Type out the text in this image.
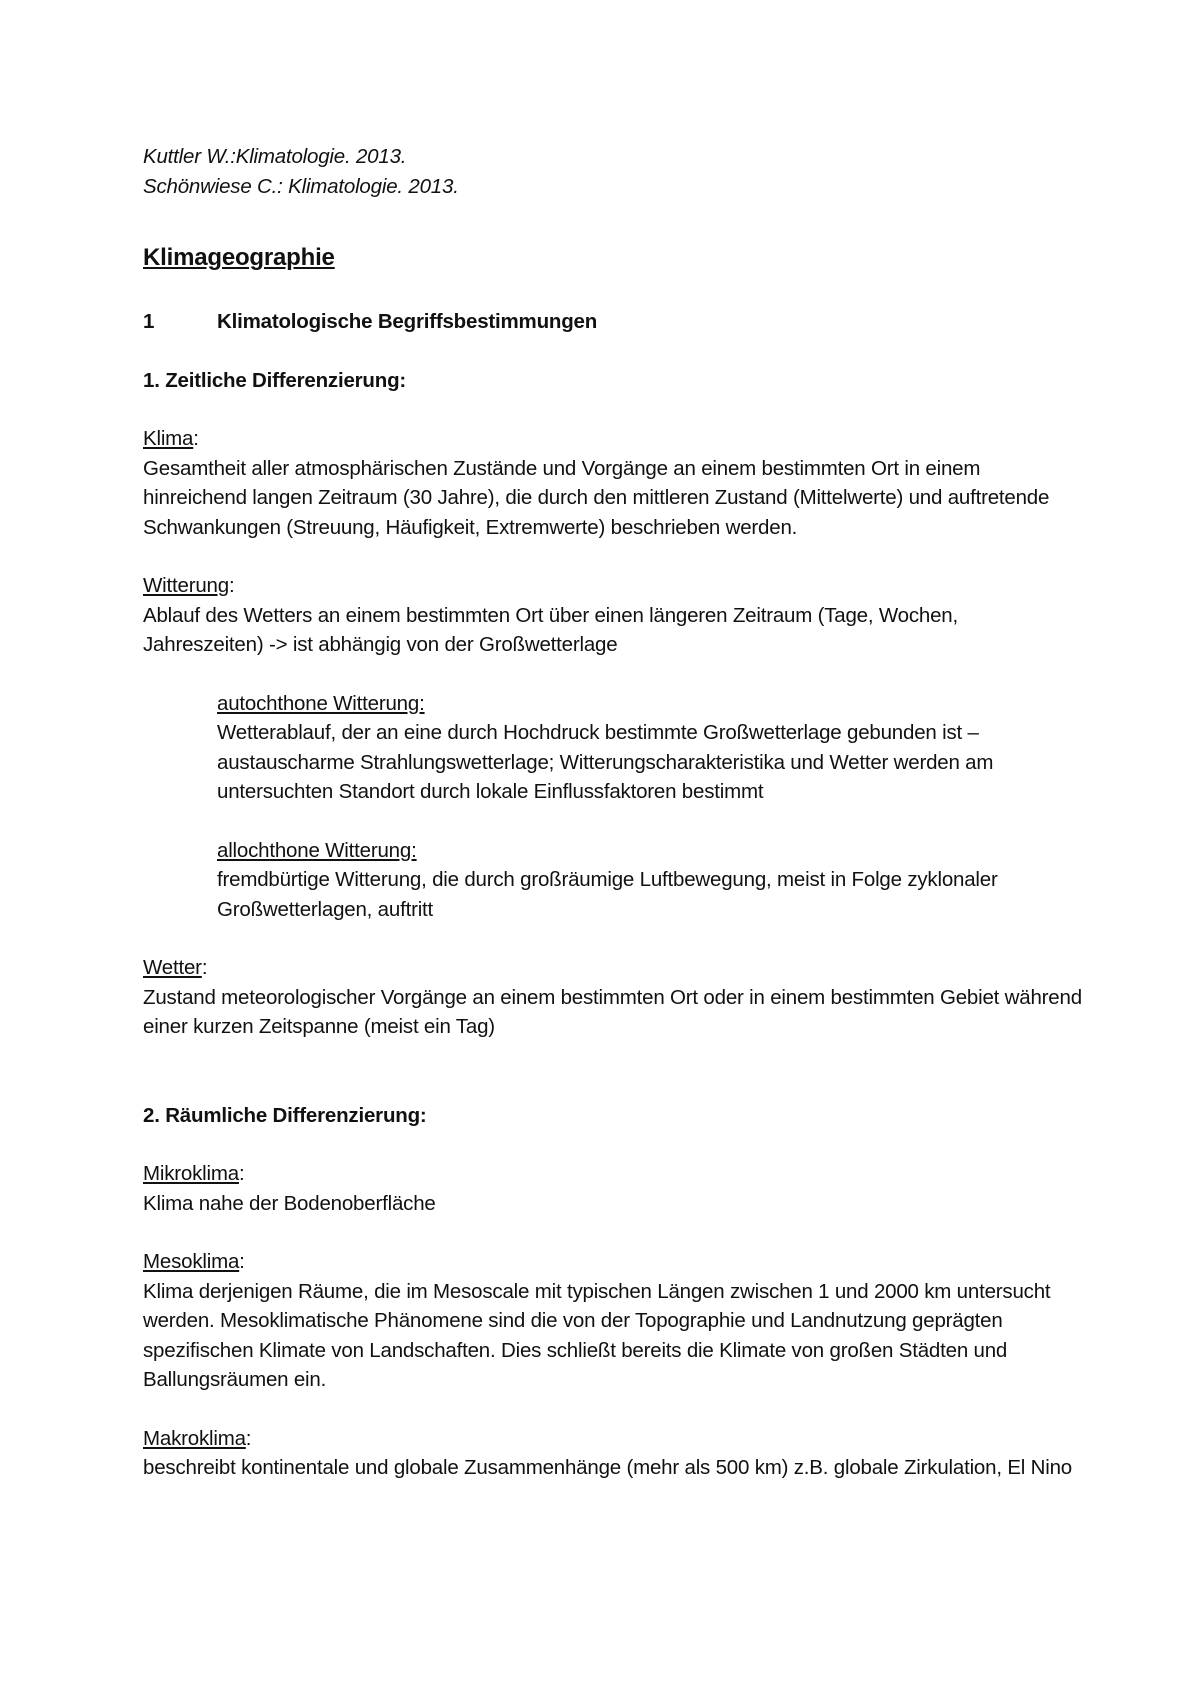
Kuttler W.:Klimatologie. 2013.

Schönwiese C.: Klimatologie. 2013.

Klimageographie
1	Klimatologische Begriffsbestimmungen
1. Zeitliche Differenzierung:

Klima:

Gesamtheit aller atmosphärischen Zustände und Vorgänge an einem bestimmten Ort in einem hinreichend langen Zeitraum (30 Jahre), die durch den mittleren Zustand (Mittelwerte) und auftretende Schwankungen (Streuung, Häufigkeit, Extremwerte) beschrieben werden.

Witterung:

Ablauf des Wetters an einem bestimmten Ort über einen längeren Zeitraum (Tage, Wochen, Jahreszeiten) -> ist abhängig von der Großwetterlage

autochthone Witterung:

Wetterablauf, der an eine durch Hochdruck bestimmte Großwetterlage gebunden ist – austauscharme Strahlungswetterlage; Witterungscharakteristika und Wetter werden am untersuchten Standort durch lokale Einflussfaktoren bestimmt

allochthone Witterung:

fremdbürtige Witterung, die durch großräumige Luftbewegung, meist in Folge zyklonaler Großwetterlagen, auftritt

Wetter:

Zustand meteorologischer Vorgänge an einem bestimmten Ort oder in einem bestimmten Gebiet während einer kurzen Zeitspanne (meist ein Tag)

2. Räumliche Differenzierung:

Mikroklima:

Klima nahe der Bodenoberfläche

Mesoklima:

Klima derjenigen Räume, die im Mesoscale mit typischen Längen zwischen 1 und 2000 km untersucht werden. Mesoklimatische Phänomene sind die von der Topographie und Landnutzung geprägten spezifischen Klimate von Landschaften. Dies schließt bereits die Klimate von großen Städten und Ballungsräumen ein.

Makroklima:

beschreibt kontinentale und globale Zusammenhänge (mehr als 500 km) z.B. globale Zirkulation, El Nino
